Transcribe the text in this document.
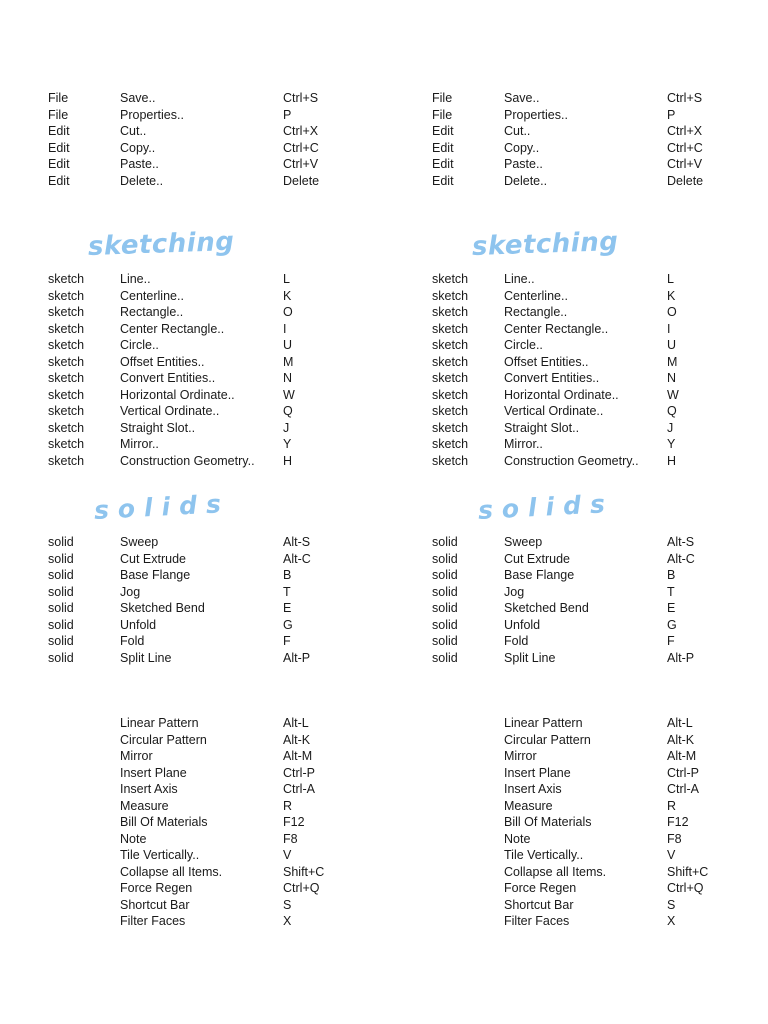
File	Save..	Ctrl+S
File	Properties..	P
Edit	Cut..	Ctrl+X
Edit	Copy..	Ctrl+C
Edit	Paste..	Ctrl+V
Edit	Delete..	Delete
sketching
sketch	Line..	L
sketch	Centerline..	K
sketch	Rectangle..	O
sketch	Center Rectangle..	I
sketch	Circle..	U
sketch	Offset Entities..	M
sketch	Convert Entities..	N
sketch	Horizontal Ordinate..	W
sketch	Vertical Ordinate..	Q
sketch	Straight Slot..	J
sketch	Mirror..	Y
sketch	Construction Geometry.. H
solids
solid	Sweep	Alt-S
solid	Cut Extrude	Alt-C
solid	Base Flange	B
solid	Jog	T
solid	Sketched Bend	E
solid	Unfold	G
solid	Fold	F
solid	Split Line	Alt-P
Linear Pattern	Alt-L
Circular Pattern	Alt-K
Mirror	Alt-M
Insert Plane	Ctrl-P
Insert Axis	Ctrl-A
Measure	R
Bill Of Materials	F12
Note	F8
Tile Vertically..	V
Collapse all Items.	Shift+C
Force Regen	Ctrl+Q
Shortcut Bar	S
Filter Faces	X
File	Save..	Ctrl+S
File	Properties..	P
Edit	Cut..	Ctrl+X
Edit	Copy..	Ctrl+C
Edit	Paste..	Ctrl+V
Edit	Delete..	Delete
sketching
sketch	Line..	L
sketch	Centerline..	K
sketch	Rectangle..	O
sketch	Center Rectangle..	I
sketch	Circle..	U
sketch	Offset Entities..	M
sketch	Convert Entities..	N
sketch	Horizontal Ordinate..	W
sketch	Vertical Ordinate..	Q
sketch	Straight Slot..	J
sketch	Mirror..	Y
sketch	Construction Geometry.. H
solids
solid	Sweep	Alt-S
solid	Cut Extrude	Alt-C
solid	Base Flange	B
solid	Jog	T
solid	Sketched Bend	E
solid	Unfold	G
solid	Fold	F
solid	Split Line	Alt-P
Linear Pattern	Alt-L
Circular Pattern	Alt-K
Mirror	Alt-M
Insert Plane	Ctrl-P
Insert Axis	Ctrl-A
Measure	R
Bill Of Materials	F12
Note	F8
Tile Vertically..	V
Collapse all Items.	Shift+C
Force Regen	Ctrl+Q
Shortcut Bar	S
Filter Faces	X
